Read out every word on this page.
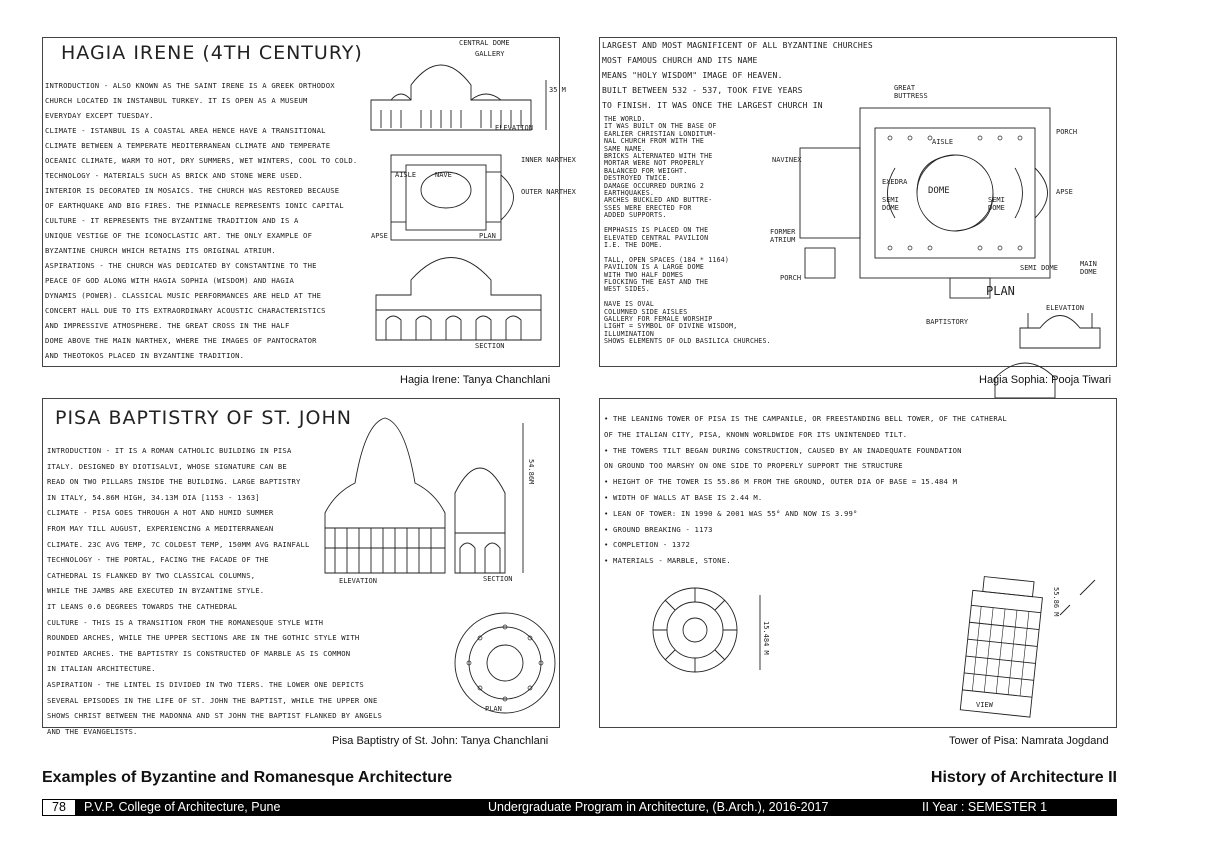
HAGIA IRENE (4TH CENTURY)

INTRODUCTION - ALSO KNOWN AS THE SAINT IRENE IS A GREEK ORTHODOX

CHURCH LOCATED IN INSTANBUL TURKEY. IT IS OPEN AS A MUSEUM

EVERYDAY EXCEPT TUESDAY.

CLIMATE - ISTANBUL IS A COASTAL AREA HENCE HAVE A TRANSITIONAL

CLIMATE BETWEEN A TEMPERATE MEDITERRANEAN CLIMATE AND TEMPERATE

OCEANIC CLIMATE, WARM TO HOT, DRY SUMMERS, WET WINTERS, COOL TO COLD.

TECHNOLOGY - MATERIALS SUCH AS BRICK AND STONE WERE USED.

INTERIOR IS DECORATED IN MOSAICS. THE CHURCH WAS RESTORED BECAUSE

OF EARTHQUAKE AND BIG FIRES. THE PINNACLE REPRESENTS IONIC CAPITAL

CULTURE - IT REPRESENTS THE BYZANTINE TRADITION AND IS A

UNIQUE VESTIGE OF THE ICONOCLASTIC ART. THE ONLY EXAMPLE OF

BYZANTINE CHURCH WHICH RETAINS ITS ORIGINAL ATRIUM.

ASPIRATIONS - THE CHURCH WAS DEDICATED BY CONSTANTINE TO THE

PEACE OF GOD ALONG WITH HAGIA SOPHIA (WISDOM) AND HAGIA

DYNAMIS (POWER). CLASSICAL MUSIC PERFORMANCES ARE HELD AT THE

CONCERT HALL DUE TO ITS EXTRAORDINARY ACOUSTIC CHARACTERISTICS

AND IMPRESSIVE ATMOSPHERE. THE GREAT CROSS IN THE HALF

DOME ABOVE THE MAIN NARTHEX, WHERE THE IMAGES OF PANTOCRATOR

AND THEOTOKOS PLACED IN BYZANTINE TRADITION.

CENTRAL DOME
GALLERY
35 M
ELEVATION
AISLE	NAVE
INNER NARTHEX
OUTER NARTHEX
APSE	PLAN
SECTION
Hagia Irene: Tanya Chanchlani

LARGEST AND MOST MAGNIFICENT OF ALL BYZANTINE CHURCHES

MOST FAMOUS CHURCH AND ITS NAME

MEANS "HOLY WISDOM" IMAGE OF HEAVEN.

BUILT BETWEEN 532 - 537, TOOK FIVE YEARS

TO FINISH. IT WAS ONCE THE LARGEST CHURCH IN

THE WORLD.

IT WAS BUILT ON THE BASE OF

EARLIER CHRISTIAN LONDITUM-

NAL CHURCH FROM WITH THE

SAME NAME.

BRICKS ALTERNATED WITH THE

MORTAR WERE NOT PROPERLY

BALANCED FOR WEIGHT.

DESTROYED TWICE.

DAMAGE OCCURRED DURING 2

EARTHQUAKES.

ARCHES BUCKLED AND BUTTRE-

SSES WERE ERECTED FOR

ADDED SUPPORTS.

EMPHASIS IS PLACED ON THE

ELEVATED CENTRAL PAVILION

I.E. THE DOME.

TALL, OPEN SPACES (184 * 1164)

PAVILION IS A LARGE DOME

WITH TWO HALF DOMES

FLOCKING THE EAST AND THE

WEST SIDES.

NAVE IS OVAL

COLUMNED SIDE AISLES

GALLERY FOR FEMALE WORSHIP

LIGHT = SYMBOL OF DIVINE WISDOM,

ILLUMINATION

SHOWS ELEMENTS OF OLD BASILICA CHURCHES.

GREAT BUTTRESS
PORCH
AISLE
NAVINEX
EXEDRA
DOME
SEMI DOME
SEMI DOME
APSE
FORMER ATRIUM
PORCH
SEMI DOME	MAIN DOME
PLAN
ELEVATION
BAPTISTORY
Hagia Sophia: Pooja Tiwari
PISA BAPTISTRY OF ST. JOHN

INTRODUCTION - IT IS A ROMAN CATHOLIC BUILDING IN PISA

ITALY. DESIGNED BY DIOTISALVI, WHOSE SIGNATURE CAN BE

READ ON TWO PILLARS INSIDE THE BUILDING. LARGE BAPTISTRY

IN ITALY, 54.86M HIGH, 34.13M DIA [1153 - 1363]

CLIMATE - PISA GOES THROUGH A HOT AND HUMID SUMMER

FROM MAY TILL AUGUST, EXPERIENCING A MEDITERRANEAN

CLIMATE. 23C AVG TEMP, 7C COLDEST TEMP, 150MM AVG RAINFALL

TECHNOLOGY - THE PORTAL, FACING THE FACADE OF THE

CATHEDRAL IS FLANKED BY TWO CLASSICAL COLUMNS,

WHILE THE JAMBS ARE EXECUTED IN BYZANTINE STYLE.

IT LEANS 0.6 DEGREES TOWARDS THE CATHEDRAL

CULTURE - THIS IS A TRANSITION FROM THE ROMANESQUE STYLE WITH

ROUNDED ARCHES, WHILE THE UPPER SECTIONS ARE IN THE GOTHIC STYLE WITH

POINTED ARCHES. THE BAPTISTRY IS CONSTRUCTED OF MARBLE AS IS COMMON

IN ITALIAN ARCHITECTURE.

ASPIRATION - THE LINTEL IS DIVIDED IN TWO TIERS. THE LOWER ONE DEPICTS

SEVERAL EPISODES IN THE LIFE OF ST. JOHN THE BAPTIST, WHILE THE UPPER ONE

SHOWS CHRIST BETWEEN THE MADONNA AND ST JOHN THE BAPTIST FLANKED BY ANGELS

AND THE EVANGELISTS.

54.86M
ELEVATION	SECTION
PLAN
Pisa Baptistry of St. John: Tanya Chanchlani

• THE LEANING TOWER OF PISA IS THE CAMPANILE, OR FREESTANDING BELL TOWER, OF THE CATHERAL

OF THE ITALIAN CITY, PISA, KNOWN WORLDWIDE FOR ITS UNINTENDED TILT.

• THE TOWERS TILT BEGAN DURING CONSTRUCTION, CAUSED BY AN INADEQUATE FOUNDATION

ON GROUND TOO MARSHY ON ONE SIDE TO PROPERLY SUPPORT THE STRUCTURE

• HEIGHT OF THE TOWER IS 55.86 M FROM THE GROUND, OUTER DIA OF BASE = 15.484 M

• WIDTH OF WALLS AT BASE IS 2.44 M.

• LEAN OF TOWER: IN 1990 & 2001 WAS 55° AND NOW IS 3.99°

• GROUND BREAKING - 1173

• COMPLETION - 1372

• MATERIALS - MARBLE, STONE.

15.484 M
55.86 M
VIEW
Tower of Pisa: Namrata Jogdand
Examples of Byzantine and Romanesque Architecture	History of Architecture II
78	P.V.P. College of Architecture, Pune	Undergraduate Program in Architecture, (B.Arch.), 2016-2017	II Year : SEMESTER 1
